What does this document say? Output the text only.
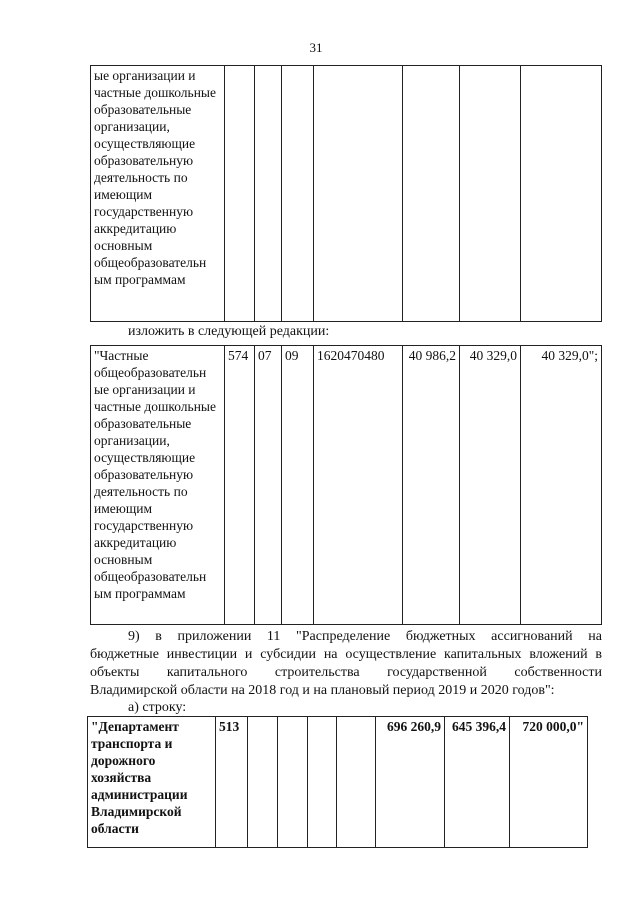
31
ые организации и частные дошкольные образовательные организации, осуществляющие образовательную деятельность по имеющим государственную аккредитацию основным общеобразовательн ым программам							
изложить в следующей редакции:
"Частные общеобразовательн ые организации и частные дошкольные образовательные организации, осуществляющие образовательную деятельность по имеющим государственную аккредитацию основным общеобразовательн ым программам	574	07	09	1620470480	40 986,2	40 329,0	40 329,0";
9) в приложении 11 "Распределение бюджетных ассигнований на
бюджетные инвестиции и субсидии на осуществление капитальных вложений в
объекты капитального строительства государственной собственности
Владимирской области на 2018 год и на плановый период 2019 и 2020 годов":
а) строку:
"Департамент транспорта и дорожного хозяйства администрации Владимирской области	513					696 260,9	645 396,4	720 000,0"
